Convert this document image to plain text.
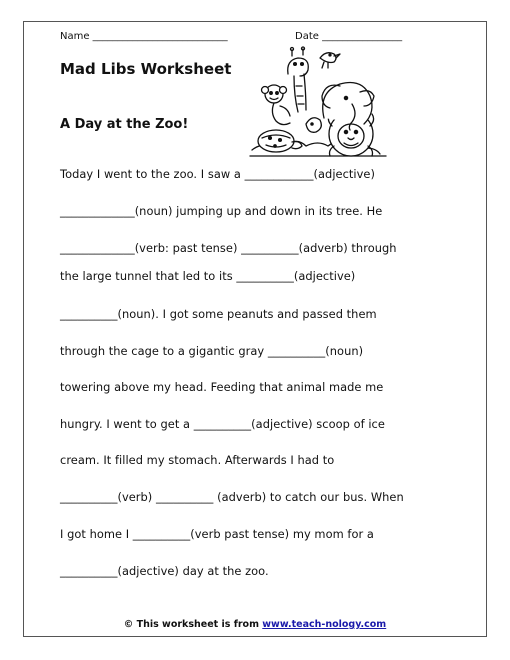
Name ___________________________	Date ________________
Mad Libs Worksheet
A Day at the Zoo!
Today I went to the zoo. I saw a ____________(adjective)
_____________(noun) jumping up and down in its tree. He
_____________(verb: past tense) __________(adverb) through
the large tunnel that led to its __________(adjective)
__________(noun). I got some peanuts and passed them
through the cage to a gigantic gray __________(noun)
towering above my head. Feeding that animal made me
hungry. I went to get a __________(adjective) scoop of ice
cream. It filled my stomach. Afterwards I had to
__________(verb) __________ (adverb) to catch our bus. When
I got home I __________(verb past tense) my mom for a
__________(adjective) day at the zoo.
© This worksheet is from www.teach-nology.com
